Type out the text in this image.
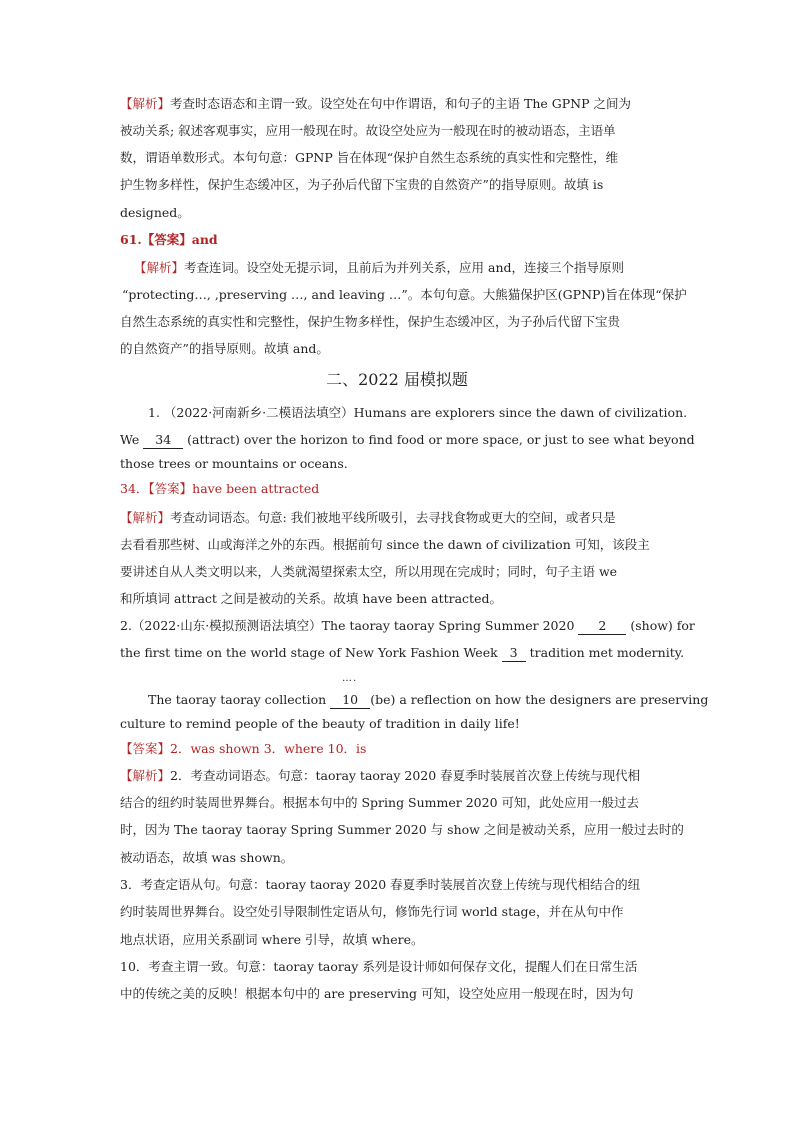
【解析】考查时态语态和主谓一致。设空处在句中作谓语，和句子的主语 The GPNP 之间为
被动关系; 叙述客观事实，应用一般现在时。故设空处应为一般现在时的被动语态，主语单
数，谓语单数形式。本句句意：GPNP 旨在体现“保护自然生态系统的真实性和完整性，维
护生物多样性，保护生态缓冲区，为子孙后代留下宝贵的自然资产”的指导原则。故填 is
designed。
61.【答案】and
【解析】考查连词。设空处无提示词，且前后为并列关系，应用 and，连接三个指导原则
“protecting…, ,preserving …, and leaving …”。本句句意。大熊猫保护区(GPNP)旨在体现“保护
自然生态系统的真实性和完整性，保护生物多样性，保护生态缓冲区，为子孙后代留下宝贵
的自然资产”的指导原则。故填 and。
二、2022 届模拟题
1. （2022·河南新乡·二模语法填空）Humans are explorers since the dawn of civilization.
We 34 (attract) over the horizon to find food or more space, or just to see what beyond
those trees or mountains or oceans.
34．【答案】have been attracted
【解析】考查动词语态。句意: 我们被地平线所吸引，去寻找食物或更大的空间，或者只是
去看看那些树、山或海洋之外的东西。根据前句 since the dawn of civilization 可知，该段主
要讲述自从人类文明以来，人类就渴望探索太空，所以用现在完成时；同时，句子主语 we
和所填词 attract 之间是被动的关系。故填 have been attracted。
2.（2022·山东·模拟预测语法填空）The taoray taoray Spring Summer 2020 2 (show) for
the first time on the world stage of New York Fashion Week 3 tradition met modernity.
….
The taoray taoray collection 10 (be) a reflection on how the designers are preserving
culture to remind people of the beauty of tradition in daily life!
【答案】2．was shown 3．where 10．is
【解析】2．考查动词语态。句意：taoray taoray 2020 春夏季时装展首次登上传统与现代相
结合的纽约时装周世界舞台。根据本句中的 Spring Summer 2020 可知，此处应用一般过去
时，因为 The taoray taoray Spring Summer 2020 与 show 之间是被动关系，应用一般过去时的
被动语态，故填 was shown。
3．考查定语从句。句意：taoray taoray 2020 春夏季时装展首次登上传统与现代相结合的纽
约时装周世界舞台。设空处引导限制性定语从句，修饰先行词 world stage，并在从句中作
地点状语，应用关系副词 where 引导，故填 where。
10．考查主谓一致。句意：taoray taoray 系列是设计师如何保存文化，提醒人们在日常生活
中的传统之美的反映！根据本句中的 are preserving 可知，设空处应用一般现在时，因为句
